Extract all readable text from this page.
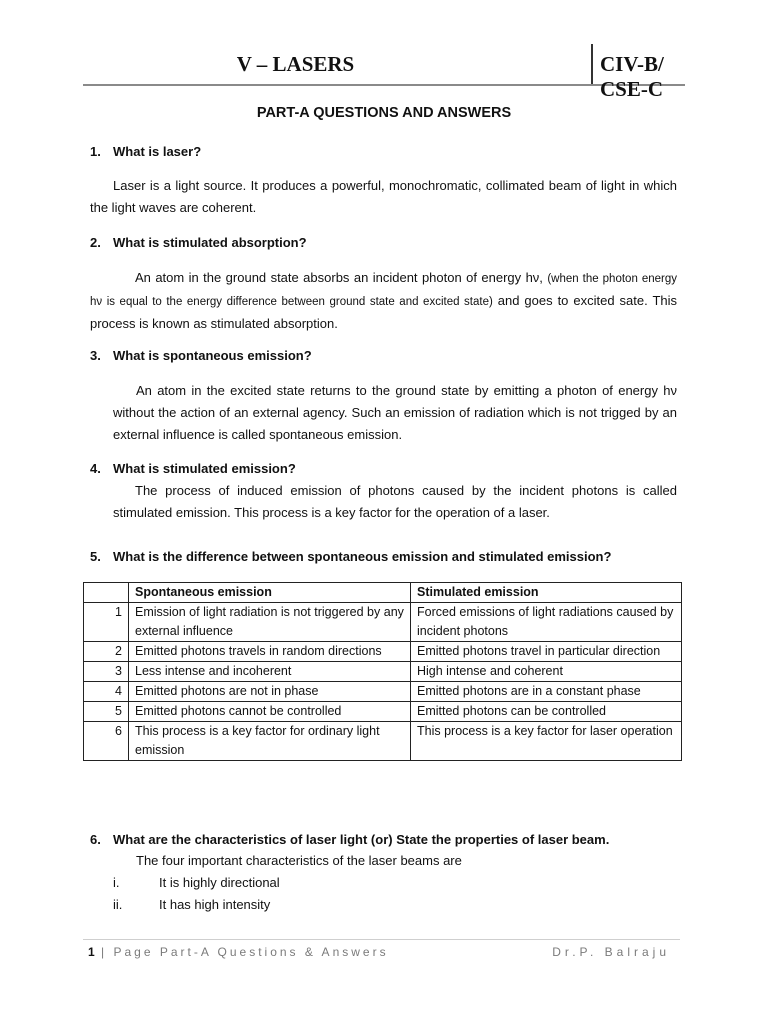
V – LASERS	CIV-B/ CSE-C
PART-A QUESTIONS AND ANSWERS
1. What is laser?
Laser is a light source. It produces a powerful, monochromatic, collimated beam of light in which the light waves are coherent.
2. What is stimulated absorption?
An atom in the ground state absorbs an incident photon of energy hν, (when the photon energy hν is equal to the energy difference between ground state and excited state) and goes to excited sate. This process is known as stimulated absorption.
3. What is spontaneous emission?
An atom in the excited state returns to the ground state by emitting a photon of energy hν without the action of an external agency. Such an emission of radiation which is not trigged by an external influence is called spontaneous emission.
4. What is stimulated emission?
The process of induced emission of photons caused by the incident photons is called stimulated emission. This process is a key factor for the operation of a laser.
5. What is the difference between spontaneous emission and stimulated emission?
	Spontaneous emission	Stimulated emission
1	Emission of light radiation is not triggered by any external influence	Forced emissions of light radiations caused by incident photons
2	Emitted photons travels in random directions	Emitted photons travel in particular direction
3	Less intense and incoherent	High intense and coherent
4	Emitted photons are not in phase	Emitted photons are in a constant phase
5	Emitted photons cannot be controlled	Emitted photons can be controlled
6	This process is a key factor for ordinary light emission	This process is a key factor for laser operation
6. What are the characteristics of laser light (or) State the properties of laser beam.
The four important characteristics of the laser beams are
i.	It is highly directional
ii.	It has high intensity
1 | Page Part-A Questions & Answers	Dr.P. Balraju
